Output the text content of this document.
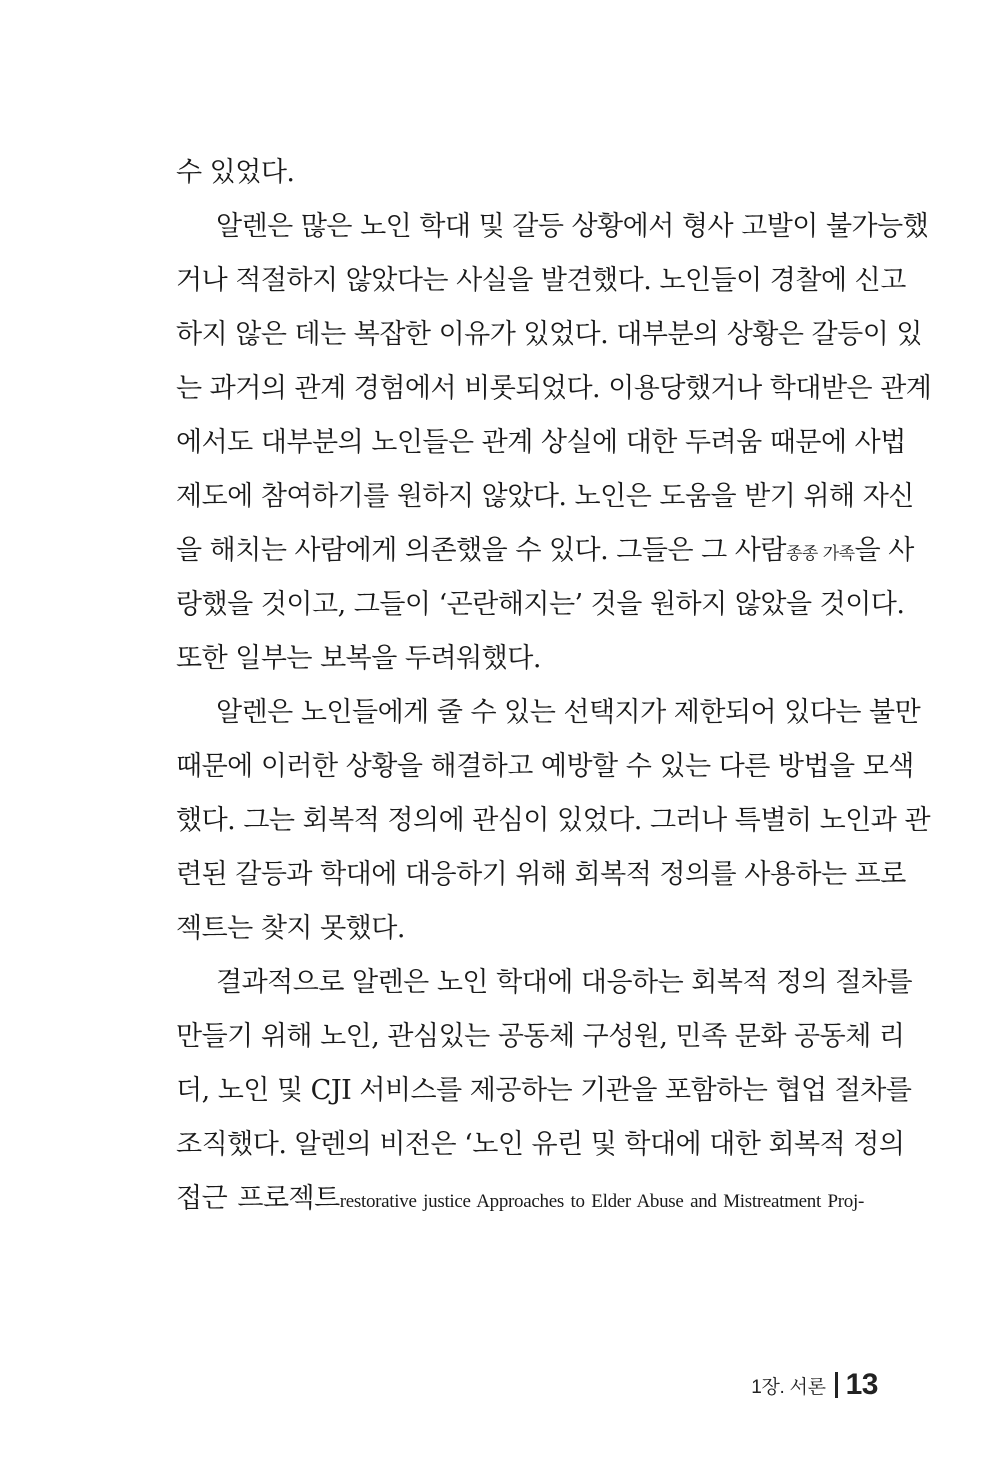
수 있었다.
알렌은 많은 노인 학대 및 갈등 상황에서 형사 고발이 불가능했
거나 적절하지 않았다는 사실을 발견했다. 노인들이 경찰에 신고
하지 않은 데는 복잡한 이유가 있었다. 대부분의 상황은 갈등이 있
는 과거의 관계 경험에서 비롯되었다. 이용당했거나 학대받은 관계
에서도 대부분의 노인들은 관계 상실에 대한 두려움 때문에 사법
제도에 참여하기를 원하지 않았다. 노인은 도움을 받기 위해 자신
을 해치는 사람에게 의존했을 수 있다. 그들은 그 사람종종 가족을 사
랑했을 것이고, 그들이 ‘곤란해지는’ 것을 원하지 않았을 것이다.
또한 일부는 보복을 두려워했다.
알렌은 노인들에게 줄 수 있는 선택지가 제한되어 있다는 불만
때문에 이러한 상황을 해결하고 예방할 수 있는 다른 방법을 모색
했다. 그는 회복적 정의에 관심이 있었다. 그러나 특별히 노인과 관
련된 갈등과 학대에 대응하기 위해 회복적 정의를 사용하는 프로
젝트는 찾지 못했다.
결과적으로 알렌은 노인 학대에 대응하는 회복적 정의 절차를
만들기 위해 노인, 관심있는 공동체 구성원, 민족 문화 공동체 리
더, 노인 및 CJI 서비스를 제공하는 기관을 포함하는 협업 절차를
조직했다. 알렌의 비전은 ‘노인 유린 및 학대에 대한 회복적 정의
접근 프로젝트restorative justice Approaches to Elder Abuse and Mistreatment Proj-
1장. 서론 13
